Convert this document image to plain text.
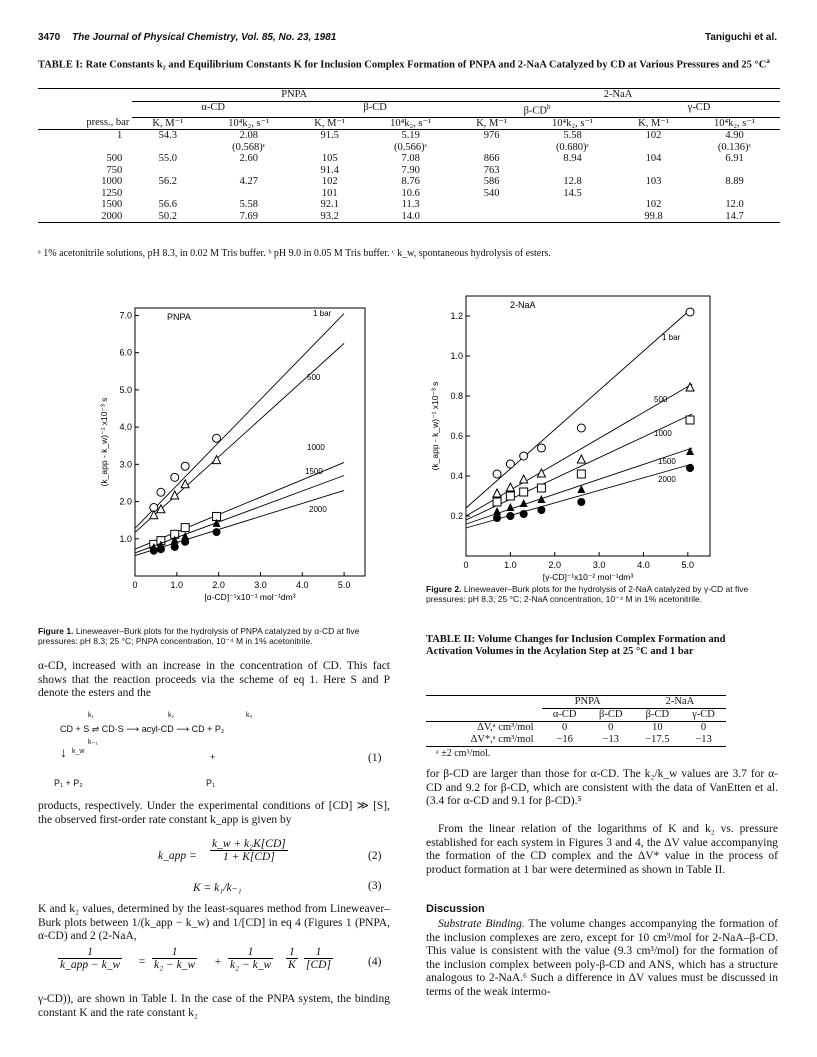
3470 The Journal of Physical Chemistry, Vol. 85, No. 23, 1981	Taniguchi et al.
TABLE I: Rate Constants k₂ and Equilibrium Constants K for Inclusion Complex Formation of PNPA and 2-NaA Catalyzed by CD at Various Pressures and 25 $^\circ C^a$
	PNPA				2-NaA			
	α-CD		β-CD		$\beta-CD^b$		γ-CD	
press., bar	K, M⁻¹	10⁴k₂, s⁻¹	K, M⁻¹	10⁴k₂, s⁻¹	K, M⁻¹	10⁴k₂, s⁻¹	K, M⁻¹	10⁴k₂, s⁻¹
1	54.3	2.08	91.5	5.19	976	5.58	102	4.90
		(0.568)ᶜ		(0.566)ᶜ		(0.680)ᶜ		(0.136)ᶜ
500	55.0	2.60	105	7.08	866	8.94	104	6.91
750			91.4	7.90	763			
1000	56.2	4.27	102	8.76	586	12.8	103	8.89
1250			101	10.6	540	14.5		
1500	56.6	5.58	92.1	11.3			102	12.0
2000	50.2	7.69	93.2	14.0			99.8	14.7
ᵃ 1% acetonitrile solutions, pH 8.3, in 0.02 M Tris buffer. ᵇ pH 9.0 in 0.05 M Tris buffer. ᶜ k_w, spontaneous hydrolysis of esters.
0	1.0	2.0	3.0	4.0	5.0
1.0
2.0
3.0
4.0
5.0
6.0
7.0	PNPA
[α-CD]⁻¹x10⁻¹ mol⁻¹dm³
(k_app - k_w)⁻¹ x10⁻³ s
1 bar
500
1000
1500
2000
Figure 1. Lineweaver–Burk plots for the hydrolysis of PNPA catalyzed by α-CD at five pressures: pH 8.3; 25 °C; PNPA concentration, 10⁻⁴ M in 1% acetonitrile.
0	1.0	2.0	3.0	4.0	5.0
0.2
0.4
0.6
0.8
1.0
1.2
2-NaA
[γ-CD]⁻¹x10⁻² mol⁻¹dm³
(k_app - k_w)⁻¹ x10⁻³ s
1 bar
500
1000
1500
2000
Figure 2. Lineweaver–Burk plots for the hydrolysis of 2-NaA catalyzed by γ-CD at five pressures: pH 8.3; 25 °C; 2-NaA concentration, 10⁻⁴ M in 1% acetonitrile.

α-CD, increased with an increase in the concentration of CD. This fact shows that the reaction proceeds via the scheme of eq 1. Here S and P denote the esters and the

k₁
k₋₁
k₂	k₃
CD + S ⇌ CD·S ⟶ acyl-CD ⟶ CD + P₂
↓ k_w
+	(1)
P₁ + P₂	P₁

products, respectively. Under the experimental conditions of [CD] ≫ [S], the observed first-order rate constant k_app is given by

k_app = $\frac{\text{k\_w + k₂K[CD]}}{1 + K[CD]}$	(2)
K = k₁/k₋₁	(3)

K and k₂ values, determined by the least-squares method from Lineweaver–Burk plots between 1/(k_app − k_w) and 1/[CD] in eq 4 (Figures 1 (PNPA, α-CD) and 2 (2-NaA,

1
k_app − k_w = $\frac{1}{\text{k₂ − k\_w}} + \frac{1}{\text{k₂ − k\_w}} \frac{1}{K} \frac{1}{[CD]}$	(4)

γ-CD)), are shown in Table I. In the case of the PNPA system, the binding constant K and the rate constant k₂

TABLE II: Volume Changes for Inclusion Complex Formation and Activation Volumes in the Acylation Step at 25 °C and 1 bar
	PNPA		2-NaA	
	α-CD	β-CD	β-CD	γ-CD
ΔV,ᵃ cm³/mol	0	0	10	0
ΔV*,ᵃ cm³/mol	−16	−13	−17.5	−13
ᵃ ±2 cm³/mol.

for β-CD are larger than those for α-CD. The k₂/k_w values are 3.7 for α-CD and 9.2 for β-CD, which are consistent with the data of VanEtten et al. (3.4 for α-CD and 9.1 for β-CD).⁵

From the linear relation of the logarithms of K and k₂ vs. pressure established for each system in Figures 3 and 4, the ΔV value accompanying the formation of the CD complex and the ΔV* value in the process of product formation at 1 bar were determined as shown in Table II.

Discussion

Substrate Binding. The volume changes accompanying the formation of the inclusion complexes are zero, except for 10 cm³/mol for 2-NaA–β-CD. This value is consistent with the value (9.3 cm³/mol) for the formation of the inclusion complex between poly-β-CD and ANS, which has a structure analogous to 2-NaA.⁶ Such a difference in ΔV values must be discussed in terms of the weak intermo-
